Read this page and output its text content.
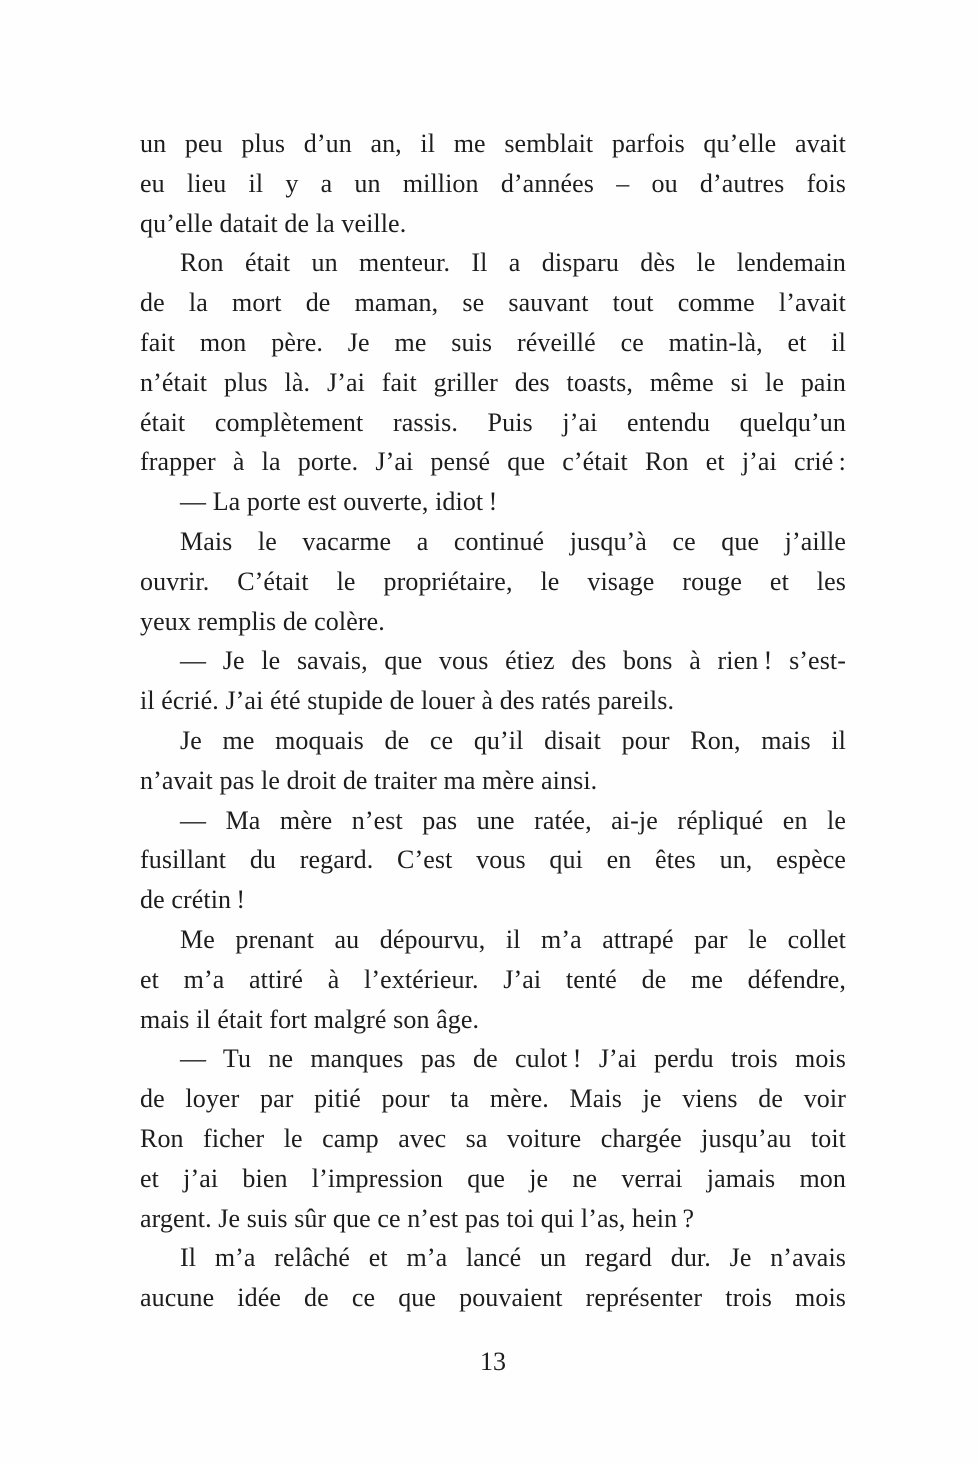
un peu plus d’un an, il me semblait parfois qu’elle avait
eu lieu il y a un million d’années – ou d’autres fois
qu’elle datait de la veille.
Ron était un menteur. Il a disparu dès le lendemain
de la mort de maman, se sauvant tout comme l’avait
fait mon père. Je me suis réveillé ce matin-là, et il
n’était plus là. J’ai fait griller des toasts, même si le pain
était complètement rassis. Puis j’ai entendu quelqu’un
frapper à la porte. J’ai pensé que c’était Ron et j’ai crié :
— La porte est ouverte, idiot !
Mais le vacarme a continué jusqu’à ce que j’aille
ouvrir. C’était le propriétaire, le visage rouge et les
yeux remplis de colère.
— Je le savais, que vous étiez des bons à rien ! s’est-
il écrié. J’ai été stupide de louer à des ratés pareils.
Je me moquais de ce qu’il disait pour Ron, mais il
n’avait pas le droit de traiter ma mère ainsi.
— Ma mère n’est pas une ratée, ai-je répliqué en le
fusillant du regard. C’est vous qui en êtes un, espèce
de crétin !
Me prenant au dépourvu, il m’a attrapé par le collet
et m’a attiré à l’extérieur. J’ai tenté de me défendre,
mais il était fort malgré son âge.
— Tu ne manques pas de culot ! J’ai perdu trois mois
de loyer par pitié pour ta mère. Mais je viens de voir
Ron ficher le camp avec sa voiture chargée jusqu’au toit
et j’ai bien l’impression que je ne verrai jamais mon
argent. Je suis sûr que ce n’est pas toi qui l’as, hein ?
Il m’a relâché et m’a lancé un regard dur. Je n’avais
aucune idée de ce que pouvaient représenter trois mois
13
